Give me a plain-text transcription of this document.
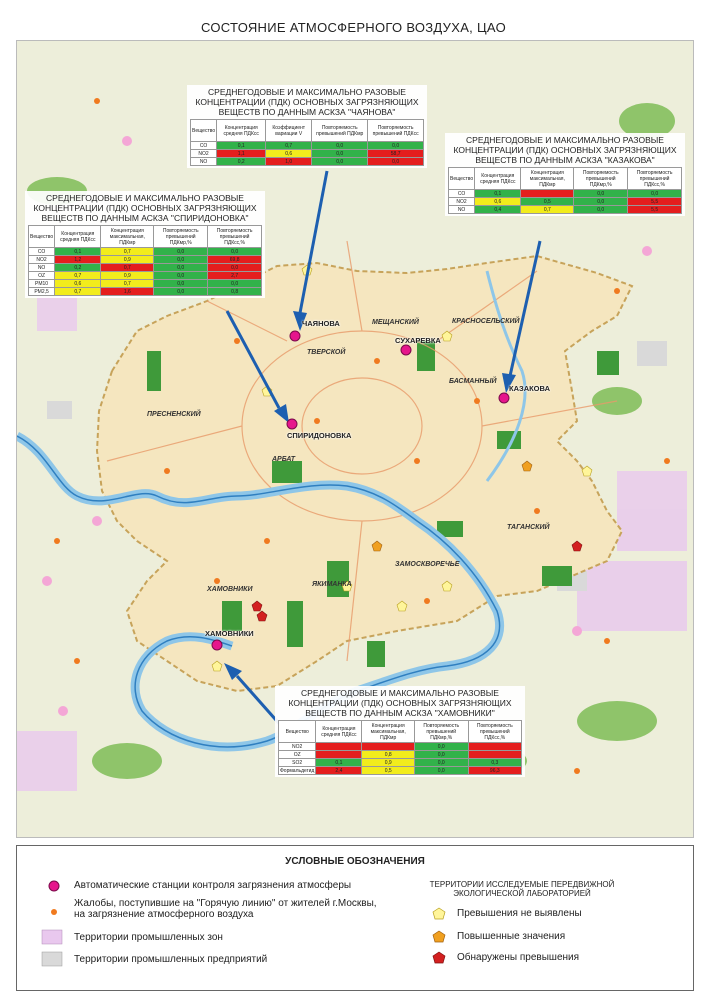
СОСТОЯНИЕ АТМОСФЕРНОГО ВОЗДУХА, ЦАО
ТВЕРСКОЙ
МЕЩАНСКИЙ	КРАСНОСЕЛЬСКИЙ
БАСМАННЫЙ
ПРЕСНЕНСКИЙ
АРБАТ
ТАГАНСКИЙ
ЗАМОСКВОРЕЧЬЕ
ЯКИМАНКА
ХАМОВНИКИ
ЧАЯНОВА
СУХАРЕВКА
КАЗАКОВА
СПИРИДОНОВКА
ХАМОВНИКИ
СРЕДНЕГОДОВЫЕ И МАКСИМАЛЬНО РАЗОВЫЕ КОНЦЕНТРАЦИИ (ПДК) ОСНОВНЫХ ЗАГРЯЗНЯЮЩИХ ВЕЩЕСТВ ПО ДАННЫМ АСКЗА "ЧАЯНОВА"
Вещество	Концентрация средняя ПДКсс	Коэффициент вариации V	Повторяемость превышений ПДКмр	Повторяемость превышений ПДКсс
CO	0,1	0,7	0,0	0,0
NO2	1,1	0,6	0,0	58,7
NO	0,2	1,0	0,0	0,0
СРЕДНЕГОДОВЫЕ И МАКСИМАЛЬНО РАЗОВЫЕ КОНЦЕНТРАЦИИ (ПДК) ОСНОВНЫХ ЗАГРЯЗНЯЮЩИХ ВЕЩЕСТВ ПО ДАННЫМ АСКЗА "КАЗАКОВА"
Вещество	Концентрация средняя ПДКсс	Концентрация максимальная, ПДКмр	Повторяемость превышений ПДКмр,%	Повторяемость превышений ПДКсс,%
CO	0,1		0,0	0,0
NO2	0,6	0,5	0,0	5,5
NO	0,4	0,7	0,0	5,5
СРЕДНЕГОДОВЫЕ И МАКСИМАЛЬНО РАЗОВЫЕ КОНЦЕНТРАЦИИ (ПДК) ОСНОВНЫХ ЗАГРЯЗНЯЮЩИХ ВЕЩЕСТВ ПО ДАННЫМ АСКЗА "СПИРИДОНОВКА"
Вещество	Концентрация средняя ПДКсс	Концентрация максимальная, ПДКмр	Повторяемость превышений ПДКмр,%	Повторяемость превышений ПДКсс,%
CO	0,1	0,7	0,0	0,0
NO2	1,2	0,9	0,0	69,8
NO	0,2	0,7	0,0	0,0
OZ	0,7	0,9	0,0	2,7
PM10	0,6	0,7	0,0	0,0
PM2,5	0,7	1,6	0,0	0,8
СРЕДНЕГОДОВЫЕ И МАКСИМАЛЬНО РАЗОВЫЕ КОНЦЕНТРАЦИИ (ПДК) ОСНОВНЫХ ЗАГРЯЗНЯЮЩИХ ВЕЩЕСТВ ПО ДАННЫМ АСКЗА "ХАМОВНИКИ"
Вещество	Концентрация средняя ПДКсс	Концентрация максимальная, ПДКмр	Повторяемость превышений ПДКмр,%	Повторяемость превышений ПДКсс,%
NO2			0,0	
OZ		0,8	0,0	
SO2	0,1	0,9	0,0	0,3
Формальдегид	2,4	0,5	0,0	96,3
УСЛОВНЫЕ ОБОЗНАЧЕНИЯ
Автоматические станции контроля загрязнения атмосферы
Жалобы, поступившие на "Горячую линию" от жителей г.Москвы, на загрязнение атмосферного воздуха
Территории промышленных зон
Территории промышленных предприятий
ТЕРРИТОРИИ ИССЛЕДУЕМЫЕ ПЕРЕДВИЖНОЙ ЭКОЛОГИЧЕСКОЙ ЛАБОРАТОРИЕЙ
Превышения не выявлены
Повышенные значения
Обнаружены превышения
